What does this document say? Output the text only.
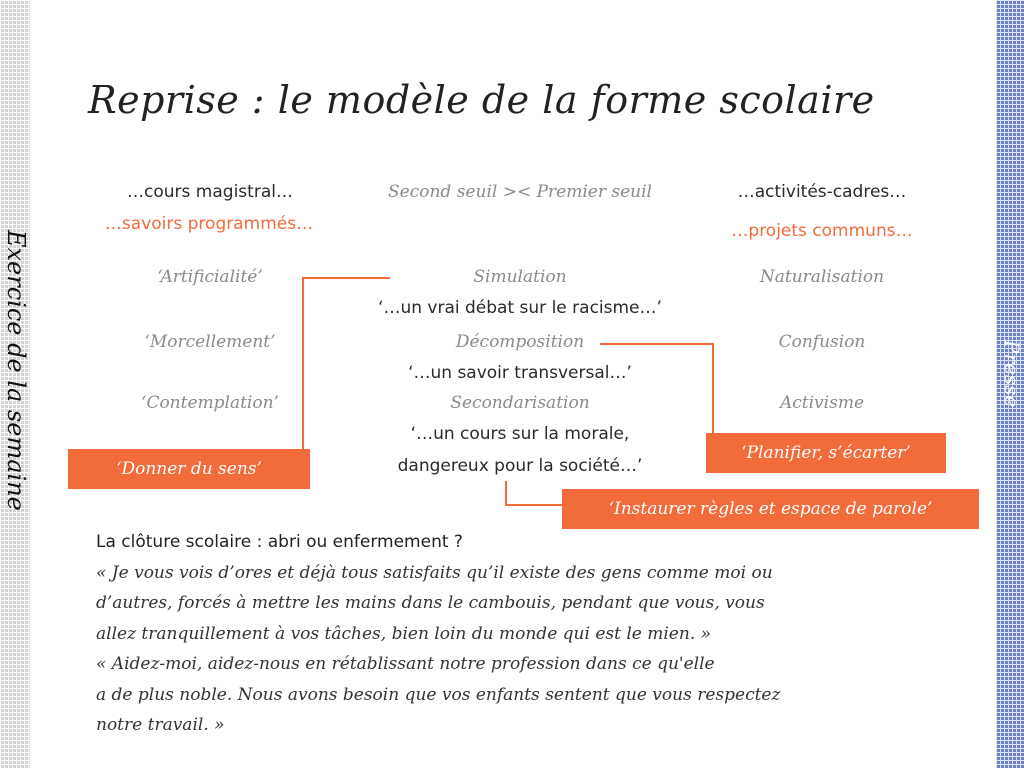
Exercice de la semaine	Presse
Reprise : le modèle de la forme scolaire
…cours magistral…
…savoirs programmés…
Second seuil >< Premier seuil	…activités-cadres…
…projets communs…
‘Artificialité’	Simulation	Naturalisation
‘…un vrai débat sur le racisme…’
‘Morcellement’	Décomposition	Confusion
‘…un savoir transversal…’
‘Contemplation’	Secondarisation	Activisme
‘…un cours sur la morale,
dangereux pour la société…’
‘Donner du sens’
‘Planifier, s’écarter’
‘Instaurer règles et espace de parole’
La clôture scolaire : abri ou enfermement ?
« Je vous vois d’ores et déjà tous satisfaits qu’il existe des gens comme moi ou
d’autres, forcés à mettre les mains dans le cambouis, pendant que vous, vous
allez tranquillement à vos tâches, bien loin du monde qui est le mien. »
« Aidez-moi, aidez-nous en rétablissant notre profession dans ce qu'elle
a de plus noble. Nous avons besoin que vos enfants sentent que vous respectez
notre travail. »
